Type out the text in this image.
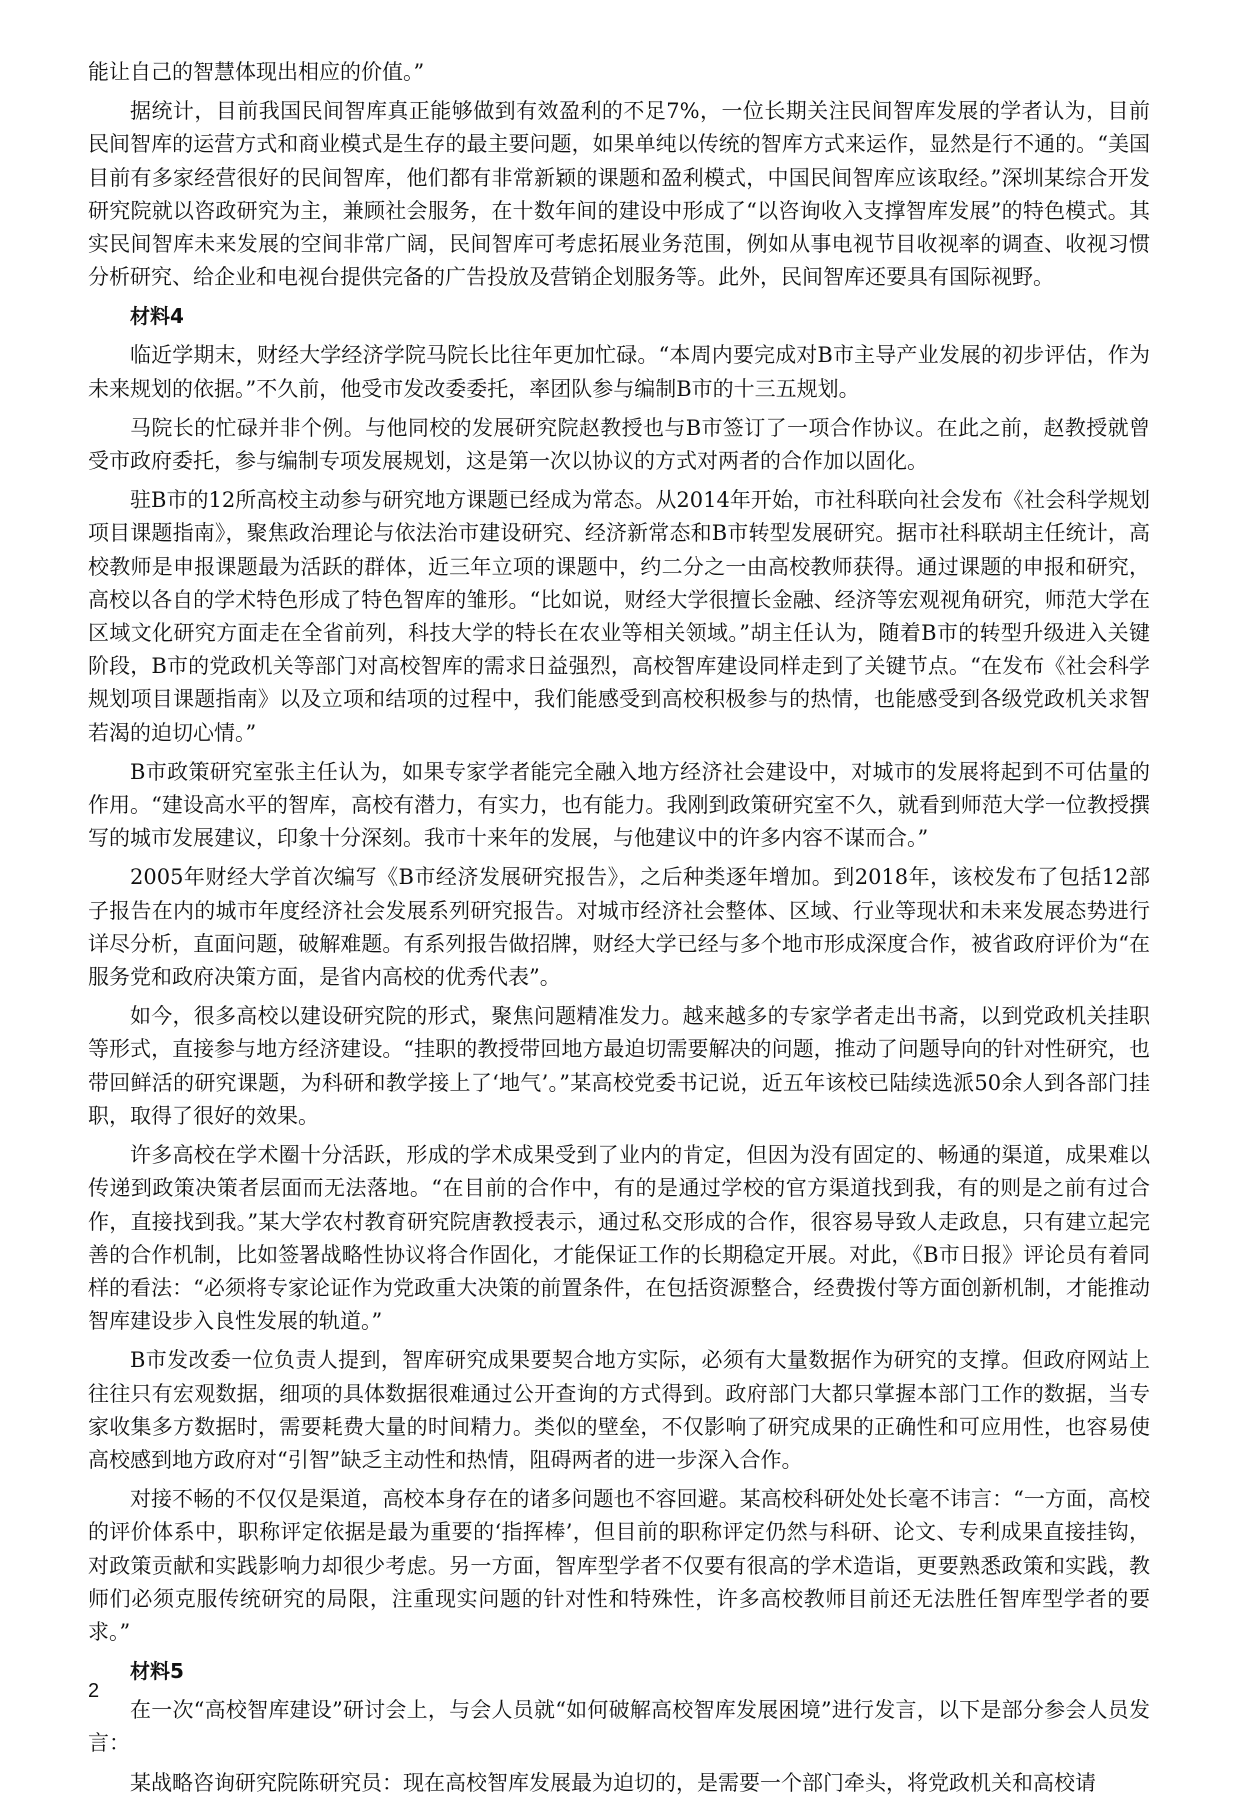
能让自己的智慧体现出相应的价值。”

据统计，目前我国民间智库真正能够做到有效盈利的不足7%，一位长期关注民间智库发展的学者认为，目前民间智库的运营方式和商业模式是生存的最主要问题，如果单纯以传统的智库方式来运作，显然是行不通的。“美国目前有多家经营很好的民间智库，他们都有非常新颖的课题和盈利模式，中国民间智库应该取经。”深圳某综合开发研究院就以咨政研究为主，兼顾社会服务，在十数年间的建设中形成了“以咨询收入支撑智库发展”的特色模式。其实民间智库未来发展的空间非常广阔，民间智库可考虑拓展业务范围，例如从事电视节目收视率的调查、收视习惯分析研究、给企业和电视台提供完备的广告投放及营销企划服务等。此外，民间智库还要具有国际视野。

材料4

临近学期末，财经大学经济学院马院长比往年更加忙碌。“本周内要完成对B市主导产业发展的初步评估，作为未来规划的依据。”不久前，他受市发改委委托，率团队参与编制B市的十三五规划。

马院长的忙碌并非个例。与他同校的发展研究院赵教授也与B市签订了一项合作协议。在此之前，赵教授就曾受市政府委托，参与编制专项发展规划，这是第一次以协议的方式对两者的合作加以固化。

驻B市的12所高校主动参与研究地方课题已经成为常态。从2014年开始，市社科联向社会发布《社会科学规划项目课题指南》，聚焦政治理论与依法治市建设研究、经济新常态和B市转型发展研究。据市社科联胡主任统计，高校教师是申报课题最为活跃的群体，近三年立项的课题中，约二分之一由高校教师获得。通过课题的申报和研究，高校以各自的学术特色形成了特色智库的雏形。“比如说，财经大学很擅长金融、经济等宏观视角研究，师范大学在区域文化研究方面走在全省前列，科技大学的特长在农业等相关领域。”胡主任认为，随着B市的转型升级进入关键阶段，B市的党政机关等部门对高校智库的需求日益强烈，高校智库建设同样走到了关键节点。“在发布《社会科学规划项目课题指南》以及立项和结项的过程中，我们能感受到高校积极参与的热情，也能感受到各级党政机关求智若渴的迫切心情。”

B市政策研究室张主任认为，如果专家学者能完全融入地方经济社会建设中，对城市的发展将起到不可估量的作用。“建设高水平的智库，高校有潜力，有实力，也有能力。我刚到政策研究室不久，就看到师范大学一位教授撰写的城市发展建议，印象十分深刻。我市十来年的发展，与他建议中的许多内容不谋而合。”

2005年财经大学首次编写《B市经济发展研究报告》，之后种类逐年增加。到2018年，该校发布了包括12部子报告在内的城市年度经济社会发展系列研究报告。对城市经济社会整体、区域、行业等现状和未来发展态势进行详尽分析，直面问题，破解难题。有系列报告做招牌，财经大学已经与多个地市形成深度合作，被省政府评价为“在服务党和政府决策方面，是省内高校的优秀代表”。

如今，很多高校以建设研究院的形式，聚焦问题精准发力。越来越多的专家学者走出书斋，以到党政机关挂职等形式，直接参与地方经济建设。“挂职的教授带回地方最迫切需要解决的问题，推动了问题导向的针对性研究，也带回鲜活的研究课题，为科研和教学接上了‘地气’。”某高校党委书记说，近五年该校已陆续选派50余人到各部门挂职，取得了很好的效果。

许多高校在学术圈十分活跃，形成的学术成果受到了业内的肯定，但因为没有固定的、畅通的渠道，成果难以传递到政策决策者层面而无法落地。“在目前的合作中，有的是通过学校的官方渠道找到我，有的则是之前有过合作，直接找到我。”某大学农村教育研究院唐教授表示，通过私交形成的合作，很容易导致人走政息，只有建立起完善的合作机制，比如签署战略性协议将合作固化，才能保证工作的长期稳定开展。对此，《B市日报》评论员有着同样的看法：“必须将专家论证作为党政重大决策的前置条件，在包括资源整合，经费拨付等方面创新机制，才能推动智库建设步入良性发展的轨道。”

B市发改委一位负责人提到，智库研究成果要契合地方实际，必须有大量数据作为研究的支撑。但政府网站上往往只有宏观数据，细项的具体数据很难通过公开查询的方式得到。政府部门大都只掌握本部门工作的数据，当专家收集多方数据时，需要耗费大量的时间精力。类似的壁垒，不仅影响了研究成果的正确性和可应用性，也容易使高校感到地方政府对“引智”缺乏主动性和热情，阻碍两者的进一步深入合作。

对接不畅的不仅仅是渠道，高校本身存在的诸多问题也不容回避。某高校科研处处长毫不讳言：“一方面，高校的评价体系中，职称评定依据是最为重要的‘指挥棒’，但目前的职称评定仍然与科研、论文、专利成果直接挂钩，对政策贡献和实践影响力却很少考虑。另一方面，智库型学者不仅要有很高的学术造诣，更要熟悉政策和实践，教师们必须克服传统研究的局限，注重现实问题的针对性和特殊性，许多高校教师目前还无法胜任智库型学者的要求。”

材料5

在一次“高校智库建设”研讨会上，与会人员就“如何破解高校智库发展困境”进行发言，以下是部分参会人员发言：

某战略咨询研究院陈研究员：现在高校智库发展最为迫切的，是需要一个部门牵头，将党政机关和高校请

2
